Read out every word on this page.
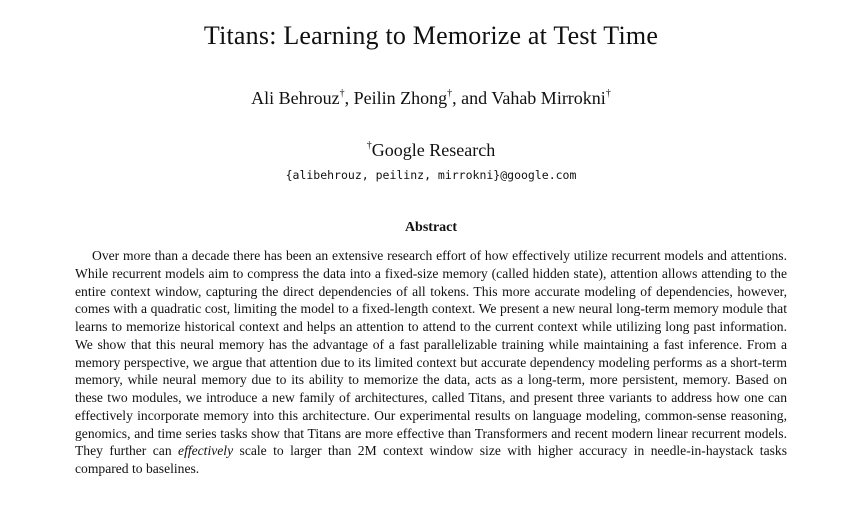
Titans: Learning to Memorize at Test Time
Ali Behrouz†, Peilin Zhong†, and Vahab Mirrokni†
†Google Research
{alibehrouz, peilinz, mirrokni}@google.com
Abstract

Over more than a decade there has been an extensive research effort of how effectively utilize recurrent models and attentions. While recurrent models aim to compress the data into a fixed-size memory (called hidden state), attention allows attending to the entire context window, capturing the direct dependencies of all tokens. This more accurate modeling of dependencies, however, comes with a quadratic cost, limiting the model to a fixed-length context. We present a new neural long-term memory module that learns to memorize historical context and helps an attention to attend to the current context while utilizing long past information. We show that this neural memory has the advantage of a fast parallelizable training while maintaining a fast inference. From a memory perspective, we argue that attention due to its limited context but accurate dependency modeling performs as a short-term memory, while neural memory due to its ability to memorize the data, acts as a long-term, more persistent, memory. Based on these two modules, we introduce a new family of architectures, called Titans, and present three variants to address how one can effectively incorporate memory into this architecture. Our experimental results on language modeling, common-sense reasoning, genomics, and time series tasks show that Titans are more effective than Transformers and recent modern linear recurrent models. They further can effectively scale to larger than 2M context window size with higher accuracy in needle-in-haystack tasks compared to baselines.
